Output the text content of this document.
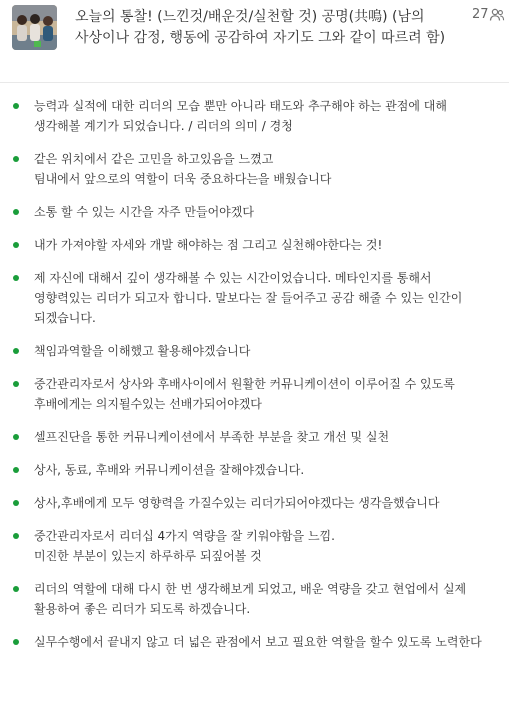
오늘의 통찰! (느낀것/배운것/실천할 것) 공명(共鳴) (남의 사상이나 감정, 행동에 공감하여 자기도 그와 같이 따르려 함)
27
능력과 실적에 대한 리더의 모습 뿐만 아니라 태도와 추구해야 하는 관점에 대해 생각해볼 계기가 되었습니다. / 리더의 의미 / 경청
같은 위치에서 같은 고민을 하고있음을 느꼈고
팀내에서 앞으로의 역할이 더욱 중요하다는을 배웠습니다
소통 할 수 있는 시간을 자주 만들어야겠다
내가 가져야할 자세와 개발 해야하는 점 그리고 실천해야한다는 것!
제 자신에 대해서 깊이 생각해볼 수 있는 시간이었습니다. 메타인지를 통해서 영향력있는 리더가 되고자 합니다. 말보다는 잘 들어주고 공감 해줄 수 있는 인간이 되겠습니다.
책임과역할을 이해했고 활용해야겠습니다
중간관리자로서 상사와 후배사이에서 원활한 커뮤니케이션이 이루어질 수 있도록 후배에게는 의지될수있는 선배가되어야겠다
셀프진단을 통한 커뮤니케이션에서 부족한 부분을 찾고 개선 및 실천
상사, 동료, 후배와 커뮤니케이션을 잘해야겠습니다.
상사,후배에게 모두 영향력을 가질수있는 리더가되어야겠다는 생각을했습니다
중간관리자로서 리더십 4가지 역량을 잘 키워야함을 느낌.
미진한 부분이 있는지 하루하루 되짚어볼 것
리더의 역할에 대해 다시 한 번 생각해보게 되었고, 배운 역량을 갖고 현업에서 실제 활용하여 좋은 리더가 되도록 하겠습니다.
실무수행에서 끝내지 않고 더 넓은 관점에서 보고 필요한 역할을 할수 있도록 노력한다
